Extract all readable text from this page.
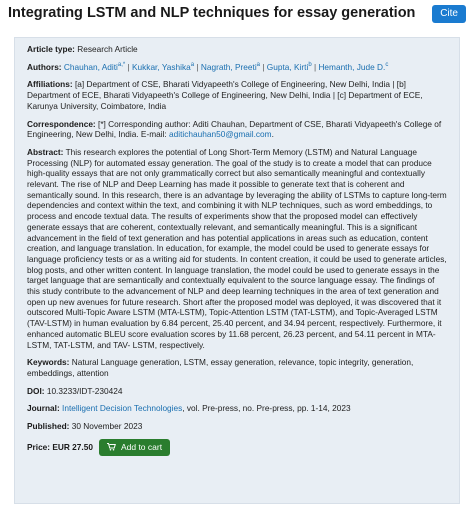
Integrating LSTM and NLP techniques for essay generation	Cite
Article type: Research Article
Authors: Chauhan, Aditi$^{a,*}$ | Kukkar, Yashika$^a$ | Nagrath, Preeti$^a$ | Gupta, Kirti$^b$ | Hemanth, Jude D.$^c$
Affiliations: [a] Department of CSE, Bharati Vidyapeeth's College of Engineering, New Delhi, India | [b] Department of ECE, Bharati Vidyapeeth's College of Engineering, New Delhi, India | [c] Department of ECE, Karunya University, Coimbatore, India
Correspondence: [*] Corresponding author: Aditi Chauhan, Department of CSE, Bharati Vidyapeeth's College of Engineering, New Delhi, India. E-mail: aditichauhan50@gmail.com.
Abstract: This research explores the potential of Long Short-Term Memory (LSTM) and Natural Language Processing (NLP) for automated essay generation. The goal of the study is to create a model that can produce high-quality essays that are not only grammatically correct but also semantically meaningful and contextually relevant. The rise of NLP and Deep Learning has made it possible to generate text that is coherent and semantically sound. In this research, there is an advantage by leveraging the ability of LSTMs to capture long-term dependencies and context within the text, and combining it with NLP techniques, such as word embeddings, to process and encode textual data. The results of experiments show that the proposed model can effectively generate essays that are coherent, contextually relevant, and semantically meaningful. This is a significant advancement in the field of text generation and has potential applications in areas such as education, content creation, and language translation. In education, for example, the model could be used to generate essays for language proficiency tests or as a writing aid for students. In content creation, it could be used to generate articles, blog posts, and other written content. In language translation, the model could be used to generate essays in the target language that are semantically and contextually equivalent to the source language essay. The findings of this study contribute to the advancement of NLP and deep learning techniques in the area of text generation and open up new avenues for future research. Short after the proposed model was deployed, it was discovered that it outscored Multi-Topic Aware LSTM (MTA-LSTM), Topic-Attention LSTM (TAT-LSTM), and Topic-Averaged LSTM (TAV-LSTM) in human evaluation by 6.84 percent, 25.40 percent, and 34.94 percent, respectively. Furthermore, it enhanced automatic BLEU score evaluation scores by 11.68 percent, 26.23 percent, and 54.11 percent in MTA-LSTM, TAT-LSTM, and TAV- LSTM, respectively.
Keywords: Natural Language generation, LSTM, essay generation, relevance, topic integrity, generation, embeddings, attention
DOI: 10.3233/IDT-230424
Journal: Intelligent Decision Technologies, vol. Pre-press, no. Pre-press, pp. 1-14, 2023
Published: 30 November 2023
Price: EUR 27.50	Add to cart
